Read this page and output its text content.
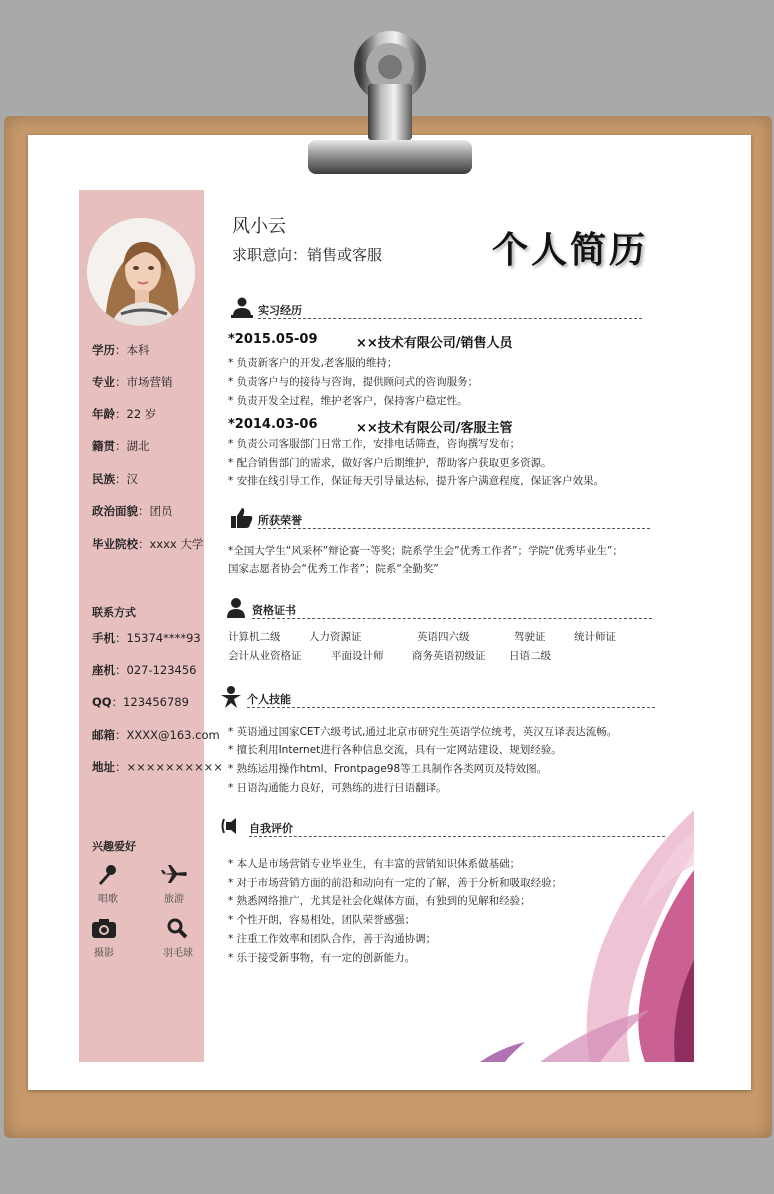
学历：本科
专业：市场营销
年龄：22 岁
籍贯：湖北
民族：汉
政治面貌：团员
毕业院校：xxxx 大学
联系方式
手机：15374****93
座机：027-123456
QQ：123456789
邮箱：XXXX@163.com
地址：××××××××××
兴趣爱好
唱歌	旅游
摄影	羽毛球
风小云
求职意向：销售或客服	个人简历
实习经历
*2015.05-09	××技术有限公司/销售人员
* 负责新客户的开发,老客服的维持；
* 负责客户与的接待与咨询，提供顾问式的咨询服务；
* 负责开发全过程，维护老客户，保持客户稳定性。
*2014.03-06	××技术有限公司/客服主管
* 负责公司客服部门日常工作，安排电话筛查，咨询撰写发布；
* 配合销售部门的需求，做好客户后期维护，帮助客户获取更多资源。
* 安排在线引导工作，保证每天引导量达标，提升客户满意程度，保证客户效果。
所获荣誉
*全国大学生“风采杯”辩论赛一等奖；院系学生会”优秀工作者”；学院“优秀毕业生”；
国家志愿者协会“优秀工作者”；院系“全勤奖”
资格证书
计算机二级	人力资源证	英语四六级	驾驶证	统计师证
会计从业资格证	平面设计师	商务英语初级证 日语二级
个人技能
* 英语通过国家CET六级考试,通过北京市研究生英语学位统考，英汉互译表达流畅。
* 擅长利用Internet进行各种信息交流，具有一定网站建设、规划经验。
* 熟练运用操作html、Frontpage98等工具制作各类网页及特效图。
* 日语沟通能力良好，可熟练的进行日语翻译。
自我评价
* 本人是市场营销专业毕业生，有丰富的营销知识体系做基础；
* 对于市场营销方面的前沿和动向有一定的了解，善于分析和吸取经验；
* 熟悉网络推广，尤其是社会化媒体方面，有独到的见解和经验；
* 个性开朗，容易相处，团队荣誉感强；
* 注重工作效率和团队合作，善于沟通协调；
* 乐于接受新事物，有一定的创新能力。
